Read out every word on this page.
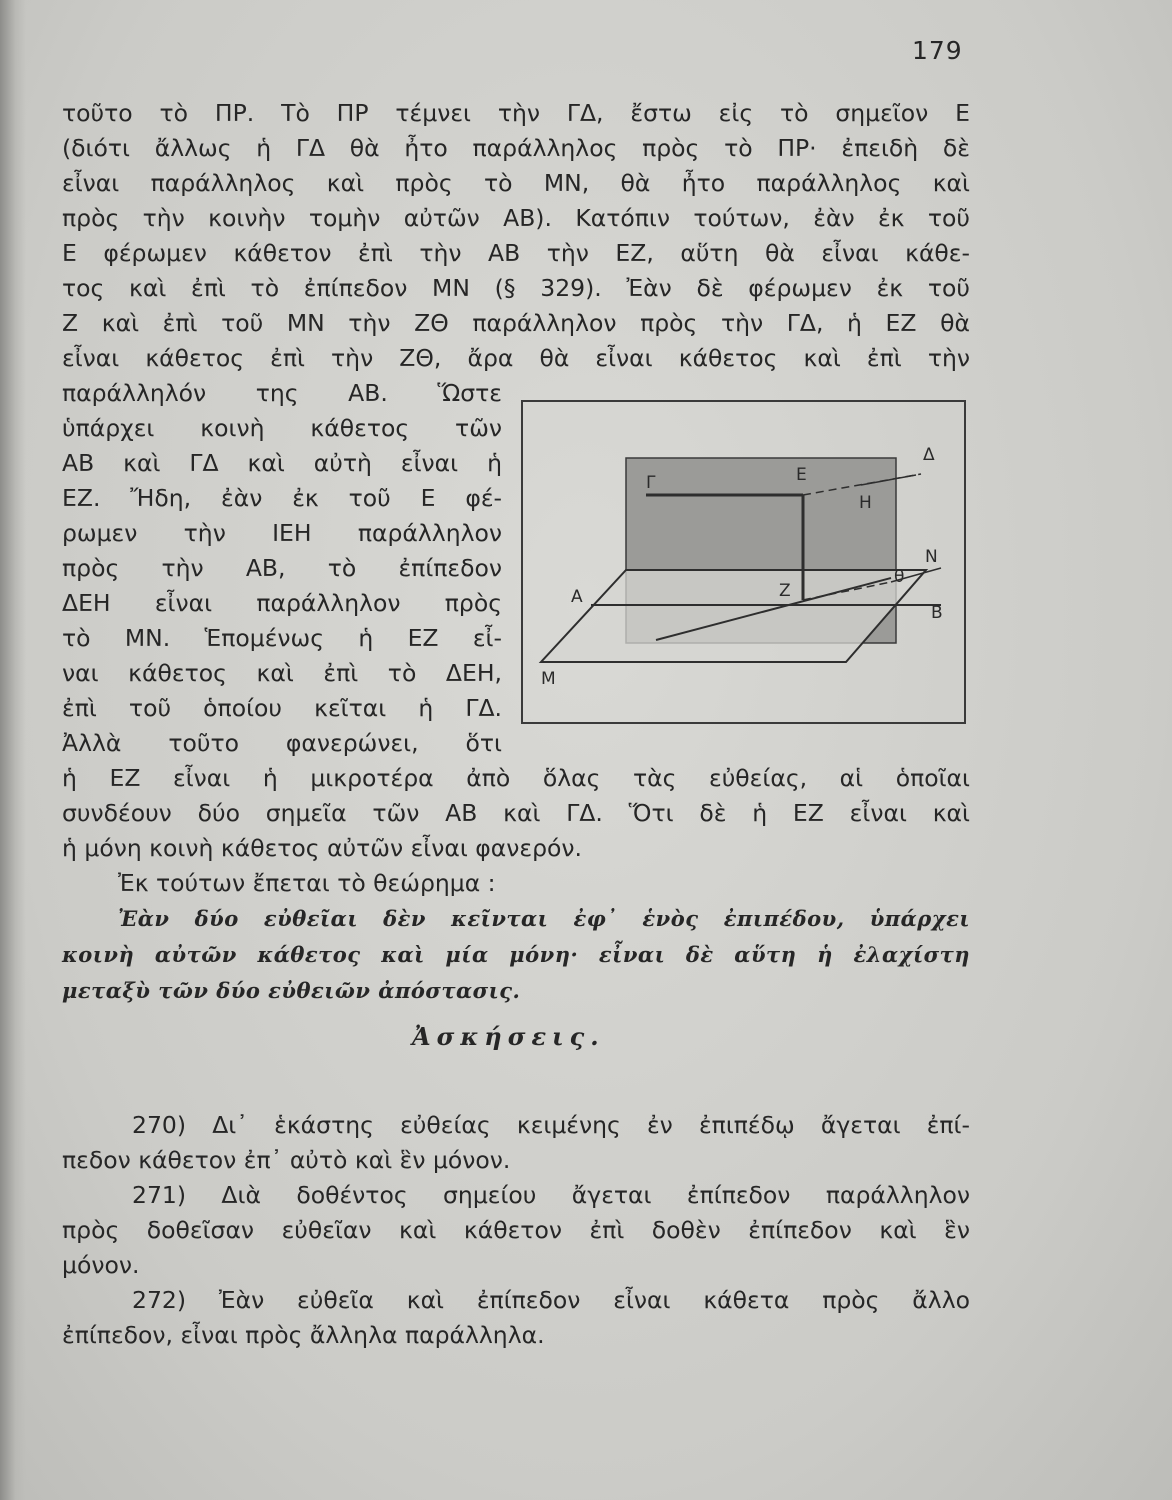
179
τοῦτο τὸ ΠΡ. Τὸ ΠΡ τέμνει τὴν ΓΔ, ἔστω εἰς τὸ σημεῖον Ε
(διότι ἄλλως ἡ ΓΔ θὰ ἦτο παράλληλος πρὸς τὸ ΠΡ· ἐπειδὴ δὲ
εἶναι παράλληλος καὶ πρὸς τὸ ΜΝ, θὰ ἦτο παράλληλος καὶ
πρὸς τὴν κοινὴν τομὴν αὐτῶν ΑΒ). Κατόπιν τούτων, ἐὰν ἐκ τοῦ
Ε φέρωμεν κάθετον ἐπὶ τὴν ΑΒ τὴν ΕΖ, αὕτη θὰ εἶναι κάθε-
τος καὶ ἐπὶ τὸ ἐπίπεδον ΜΝ (§ 329). Ἐὰν δὲ φέρωμεν ἐκ τοῦ
Ζ καὶ ἐπὶ τοῦ ΜΝ τὴν ΖΘ παράλληλον πρὸς τὴν ΓΔ, ἡ ΕΖ θὰ
εἶναι κάθετος ἐπὶ τὴν ΖΘ, ἄρα θὰ εἶναι κάθετος καὶ ἐπὶ τὴν
παράλληλόν της ΑΒ. Ὥστε
ὑπάρχει κοινὴ κάθετος τῶν
ΑΒ καὶ ΓΔ καὶ αὐτὴ εἶναι ἡ
ΕΖ. Ἤδη, ἐὰν ἐκ τοῦ Ε φέ-
ρωμεν τὴν ΙΕΗ παράλληλον
πρὸς τὴν ΑΒ, τὸ ἐπίπεδον
ΔΕΗ εἶναι παράλληλον πρὸς
τὸ ΜΝ. Ἑπομένως ἡ ΕΖ εἶ-
ναι κάθετος καὶ ἐπὶ τὸ ΔΕΗ,
ἐπὶ τοῦ ὁποίου κεῖται ἡ ΓΔ.
Ἀλλὰ τοῦτο φανερώνει, ὅτι
Γ	Ε
Δ
Η
Ν
θ
Β
Ζ
Α
Μ
ἡ ΕΖ εἶναι ἡ μικροτέρα ἀπὸ ὅλας τὰς εὐθείας, αἱ ὁποῖαι
συνδέουν δύο σημεῖα τῶν ΑΒ καὶ ΓΔ. Ὅτι δὲ ἡ ΕΖ εἶναι καὶ
ἡ μόνη κοινὴ κάθετος αὐτῶν εἶναι φανερόν.
Ἐκ τούτων ἔπεται τὸ θεώρημα :
Ἐὰν δύο εὐθεῖαι δὲν κεῖνται ἐφ᾿ ἑνὸς ἐπιπέδου, ὑπάρχει
κοινὴ αὐτῶν κάθετος καὶ μία μόνη· εἶναι δὲ αὕτη ἡ ἐλαχίστη
μεταξὺ τῶν δύο εὐθειῶν ἀπόστασις.
Ἀσκήσεις.
270) Δι᾿ ἑκάστης εὐθείας κειμένης ἐν ἐπιπέδῳ ἄγεται ἐπί-
πεδον κάθετον ἐπ᾿ αὐτὸ καὶ ἓν μόνον.
271) Διὰ δοθέντος σημείου ἄγεται ἐπίπεδον παράλληλον
πρὸς δοθεῖσαν εὐθεῖαν καὶ κάθετον ἐπὶ δοθὲν ἐπίπεδον καὶ ἓν
μόνον.
272) Ἐὰν εὐθεῖα καὶ ἐπίπεδον εἶναι κάθετα πρὸς ἄλλο
ἐπίπεδον, εἶναι πρὸς ἄλληλα παράλληλα.
